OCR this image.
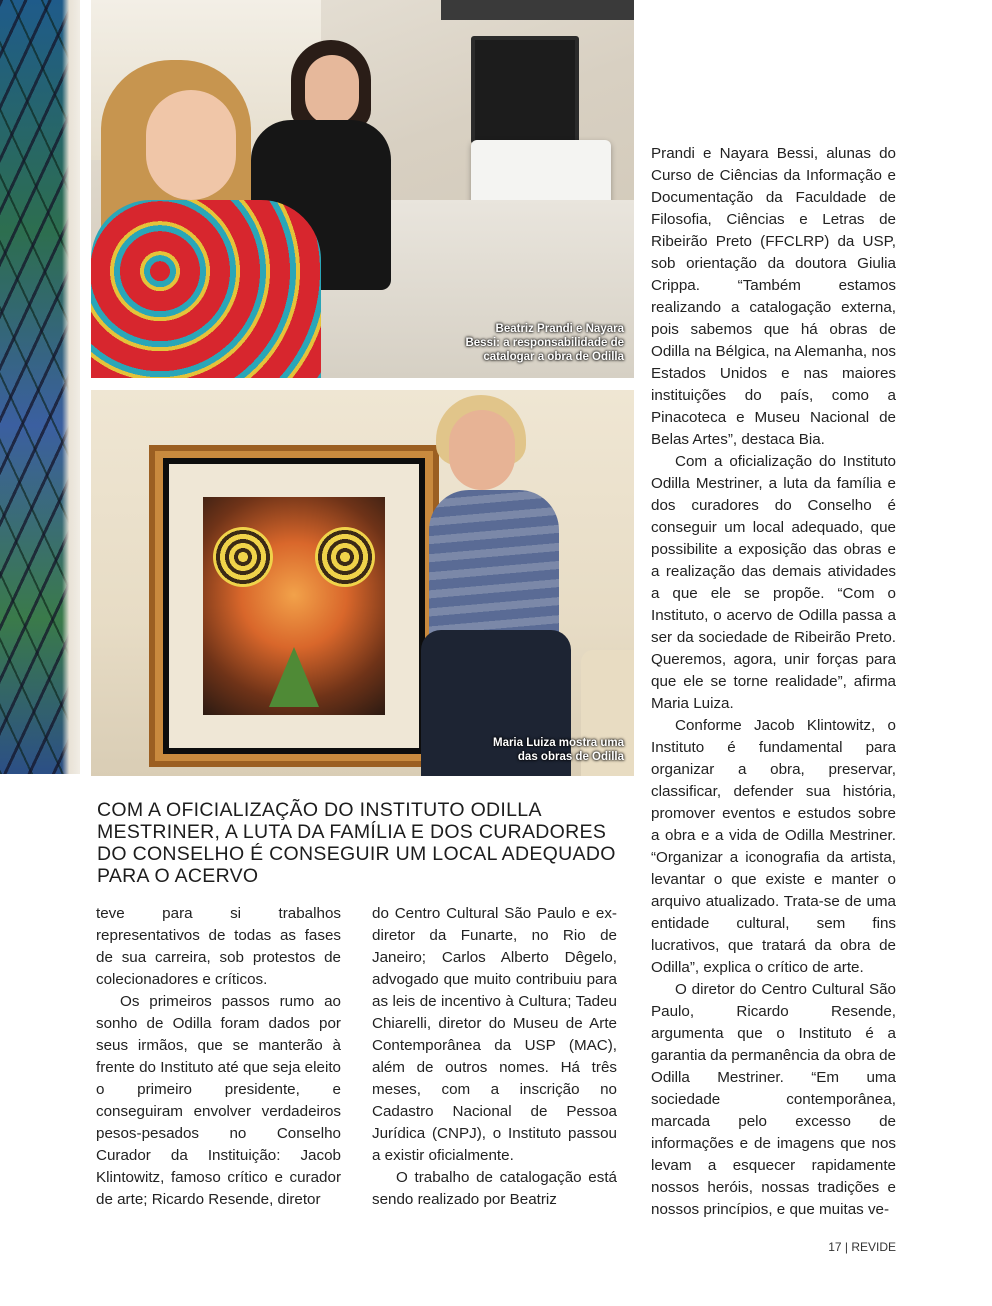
Beatriz Prandi e Nayara
Bessi: a responsabilidade de
catalogar a obra de Odilla
Maria Luiza mostra uma
das obras de Odilla
COM A OFICIALIZAÇÃO DO INSTITUTO ODILLA MESTRINER, A LUTA DA FAMÍLIA E DOS CURADORES DO CONSELHO É CONSEGUIR UM LOCAL ADEQUADO PARA O ACERVO

teve para si trabalhos representativos de todas as fases de sua carreira, sob protestos de colecionadores e críticos.

Os primeiros passos rumo ao sonho de Odilla foram dados por seus irmãos, que se manterão à frente do Instituto até que seja eleito o primeiro presidente, e conseguiram envolver verdadeiros pesos-pesados no Conselho Curador da Instituição: Jacob Klintowitz, famoso crítico e curador de arte; Ricardo Resende, diretor

do Centro Cultural São Paulo e ex-diretor da Funarte, no Rio de Janeiro; Carlos Alberto Dêgelo, advogado que muito contribuiu para as leis de incentivo à Cultura; Tadeu Chiarelli, diretor do Museu de Arte Contemporânea da USP (MAC), além de outros nomes. Há três meses, com a inscrição no Cadastro Nacional de Pessoa Jurídica (CNPJ), o Instituto passou a existir oficialmente.

O trabalho de catalogação está sendo realizado por Beatriz

Prandi e Nayara Bessi, alunas do Curso de Ciências da Informação e Documentação da Faculdade de Filosofia, Ciências e Letras de Ribeirão Preto (FFCLRP) da USP, sob orientação da doutora Giulia Crippa. “Também estamos realizando a catalogação externa, pois sabemos que há obras de Odilla na Bélgica, na Alemanha, nos Estados Unidos e nas maiores instituições do país, como a Pinacoteca e Museu Nacional de Belas Artes”, destaca Bia.

Com a oficialização do Instituto Odilla Mestriner, a luta da família e dos curadores do Conselho é conseguir um local adequado, que possibilite a exposição das obras e a realização das demais atividades a que ele se propõe. “Com o Instituto, o acervo de Odilla passa a ser da sociedade de Ribeirão Preto. Queremos, agora, unir forças para que ele se torne realidade”, afirma Maria Luiza.

Conforme Jacob Klintowitz, o Instituto é fundamental para organizar a obra, preservar, classificar, defender sua história, promover eventos e estudos sobre a obra e a vida de Odilla Mestriner. “Organizar a iconografia da artista, levantar o que existe e manter o arquivo atualizado. Trata-se de uma entidade cultural, sem fins lucrativos, que tratará da obra de Odilla”, explica o crítico de arte.

O diretor do Centro Cultural São Paulo, Ricardo Resende, argumenta que o Instituto é a garantia da permanência da obra de Odilla Mestriner. “Em uma sociedade contemporânea, marcada pelo excesso de informações e de imagens que nos levam a esquecer rapidamente nossos heróis, nossas tradições e nossos princípios, e que muitas ve-

17 | REVIDE
